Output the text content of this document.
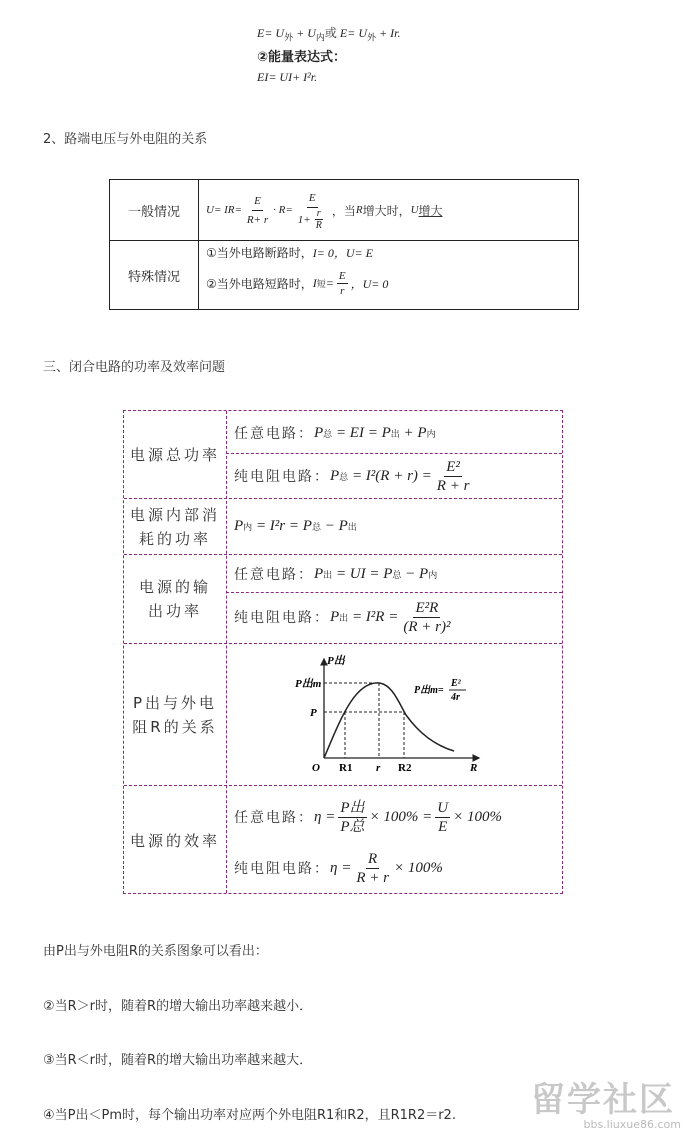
$E= U_外 + U_内$或 $E= U_外 + Ir$.
②能量表达式：
EI= UI+ I²r.
2、路端电压与外电阻的关系
一般情况	$U= IR= \frac{E}{R+ r} \cdot R= \frac{E}{1+ \frac{r}{R}}$ ，当 R 增大时， U 增大
特殊情况
①当外电路断路时，I= 0，U= E
②当外电路短路时， I 短 = $\frac{E}{r}$ ，U= 0
三、闭合电路的功率及效率问题
电源总功率
任意电路： P 总
= EI = P 出
+ P 内
纯电阻电路： P 总
= $I^2(R + r) = \frac{\text{E²}}{R + r}$
电源内部消耗的功率
P 内
= I²r = P 总
− P 出
电源的输出功率
任意电路： P 出
= UI = P 总
− P 内
纯电阻电路： P 出
= $I^2R = \frac{\text{E²R}}{\text{(R + r)²}}$
P出与外电阻R的关系
P出
P出m
P
O R1 r R2	R
P出m=
E²
4r
电源的效率
任意电路： $\eta = \frac{\text{P出}}{\text{P总}} \times 100\% = \frac{U}{E} \times 100\%$
纯电阻电路： $\eta = \frac{R}{R + r} \times 100\%$
由P出与外电阻R的关系图象可以看出：
②当R＞r时，随着R的增大输出功率越来越小．
③当R＜r时，随着R的增大输出功率越来越大．
④当P出＜Pm时，每个输出功率对应两个外电阻R1和R2，且R1R2＝r2. 留学社区
bbs.liuxue86.com
